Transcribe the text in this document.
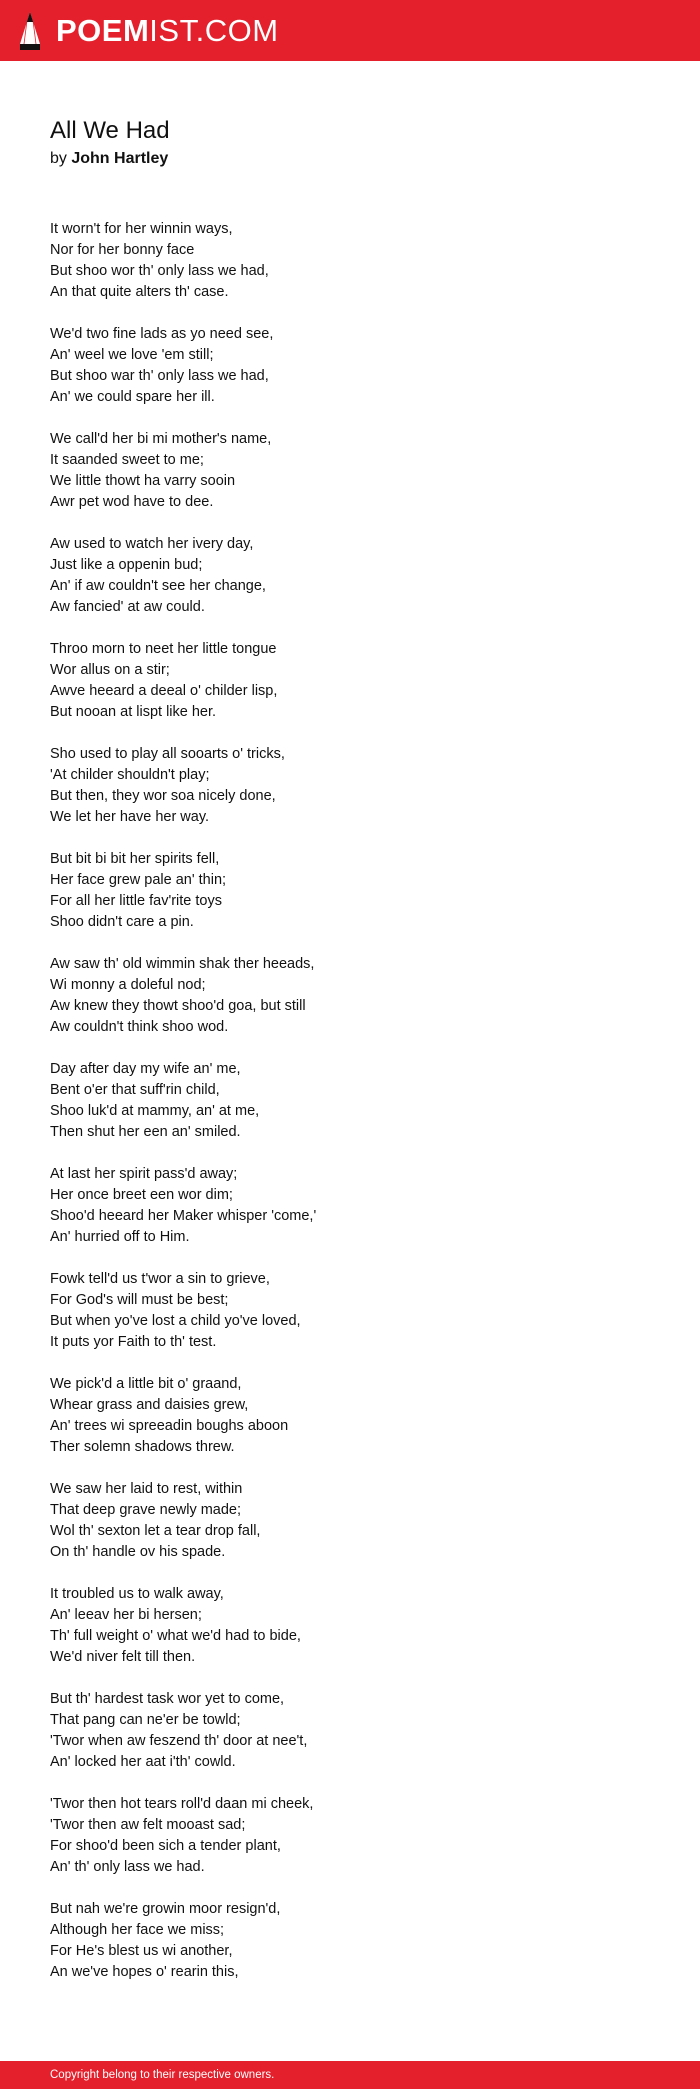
POEMIST.COM
All We Had
by John Hartley
It worn't for her winnin ways,
Nor for her bonny face
But shoo wor th' only lass we had,
An that quite alters th' case.
We'd two fine lads as yo need see,
An' weel we love 'em still;
But shoo war th' only lass we had,
An' we could spare her ill.
We call'd her bi mi mother's name,
It saanded sweet to me;
We little thowt ha varry sooin
Awr pet wod have to dee.
Aw used to watch her ivery day,
Just like a oppenin bud;
An' if aw couldn't see her change,
Aw fancied' at aw could.
Throo morn to neet her little tongue
Wor allus on a stir;
Awve heeard a deeal o' childer lisp,
But nooan at lispt like her.
Sho used to play all sooarts o' tricks,
'At childer shouldn't play;
But then, they wor soa nicely done,
We let her have her way.
But bit bi bit her spirits fell,
Her face grew pale an' thin;
For all her little fav'rite toys
Shoo didn't care a pin.
Aw saw th' old wimmin shak ther heeads,
Wi monny a doleful nod;
Aw knew they thowt shoo'd goa, but still
Aw couldn't think shoo wod.
Day after day my wife an' me,
Bent o'er that suff'rin child,
Shoo luk'd at mammy, an' at me,
Then shut her een an' smiled.
At last her spirit pass'd away;
Her once breet een wor dim;
Shoo'd heeard her Maker whisper 'come,'
An' hurried off to Him.
Fowk tell'd us t'wor a sin to grieve,
For God's will must be best;
But when yo've lost a child yo've loved,
It puts yor Faith to th' test.
We pick'd a little bit o' graand,
Whear grass and daisies grew,
An' trees wi spreeadin boughs aboon
Ther solemn shadows threw.
We saw her laid to rest, within
That deep grave newly made;
Wol th' sexton let a tear drop fall,
On th' handle ov his spade.
It troubled us to walk away,
An' leeav her bi hersen;
Th' full weight o' what we'd had to bide,
We'd niver felt till then.
But th' hardest task wor yet to come,
That pang can ne'er be towld;
'Twor when aw feszend th' door at nee't,
An' locked her aat i'th' cowld.
'Twor then hot tears roll'd daan mi cheek,
'Twor then aw felt mooast sad;
For shoo'd been sich a tender plant,
An' th' only lass we had.
But nah we're growin moor resign'd,
Although her face we miss;
For He's blest us wi another,
An we've hopes o' rearin this,
Copyright belong to their respective owners.
